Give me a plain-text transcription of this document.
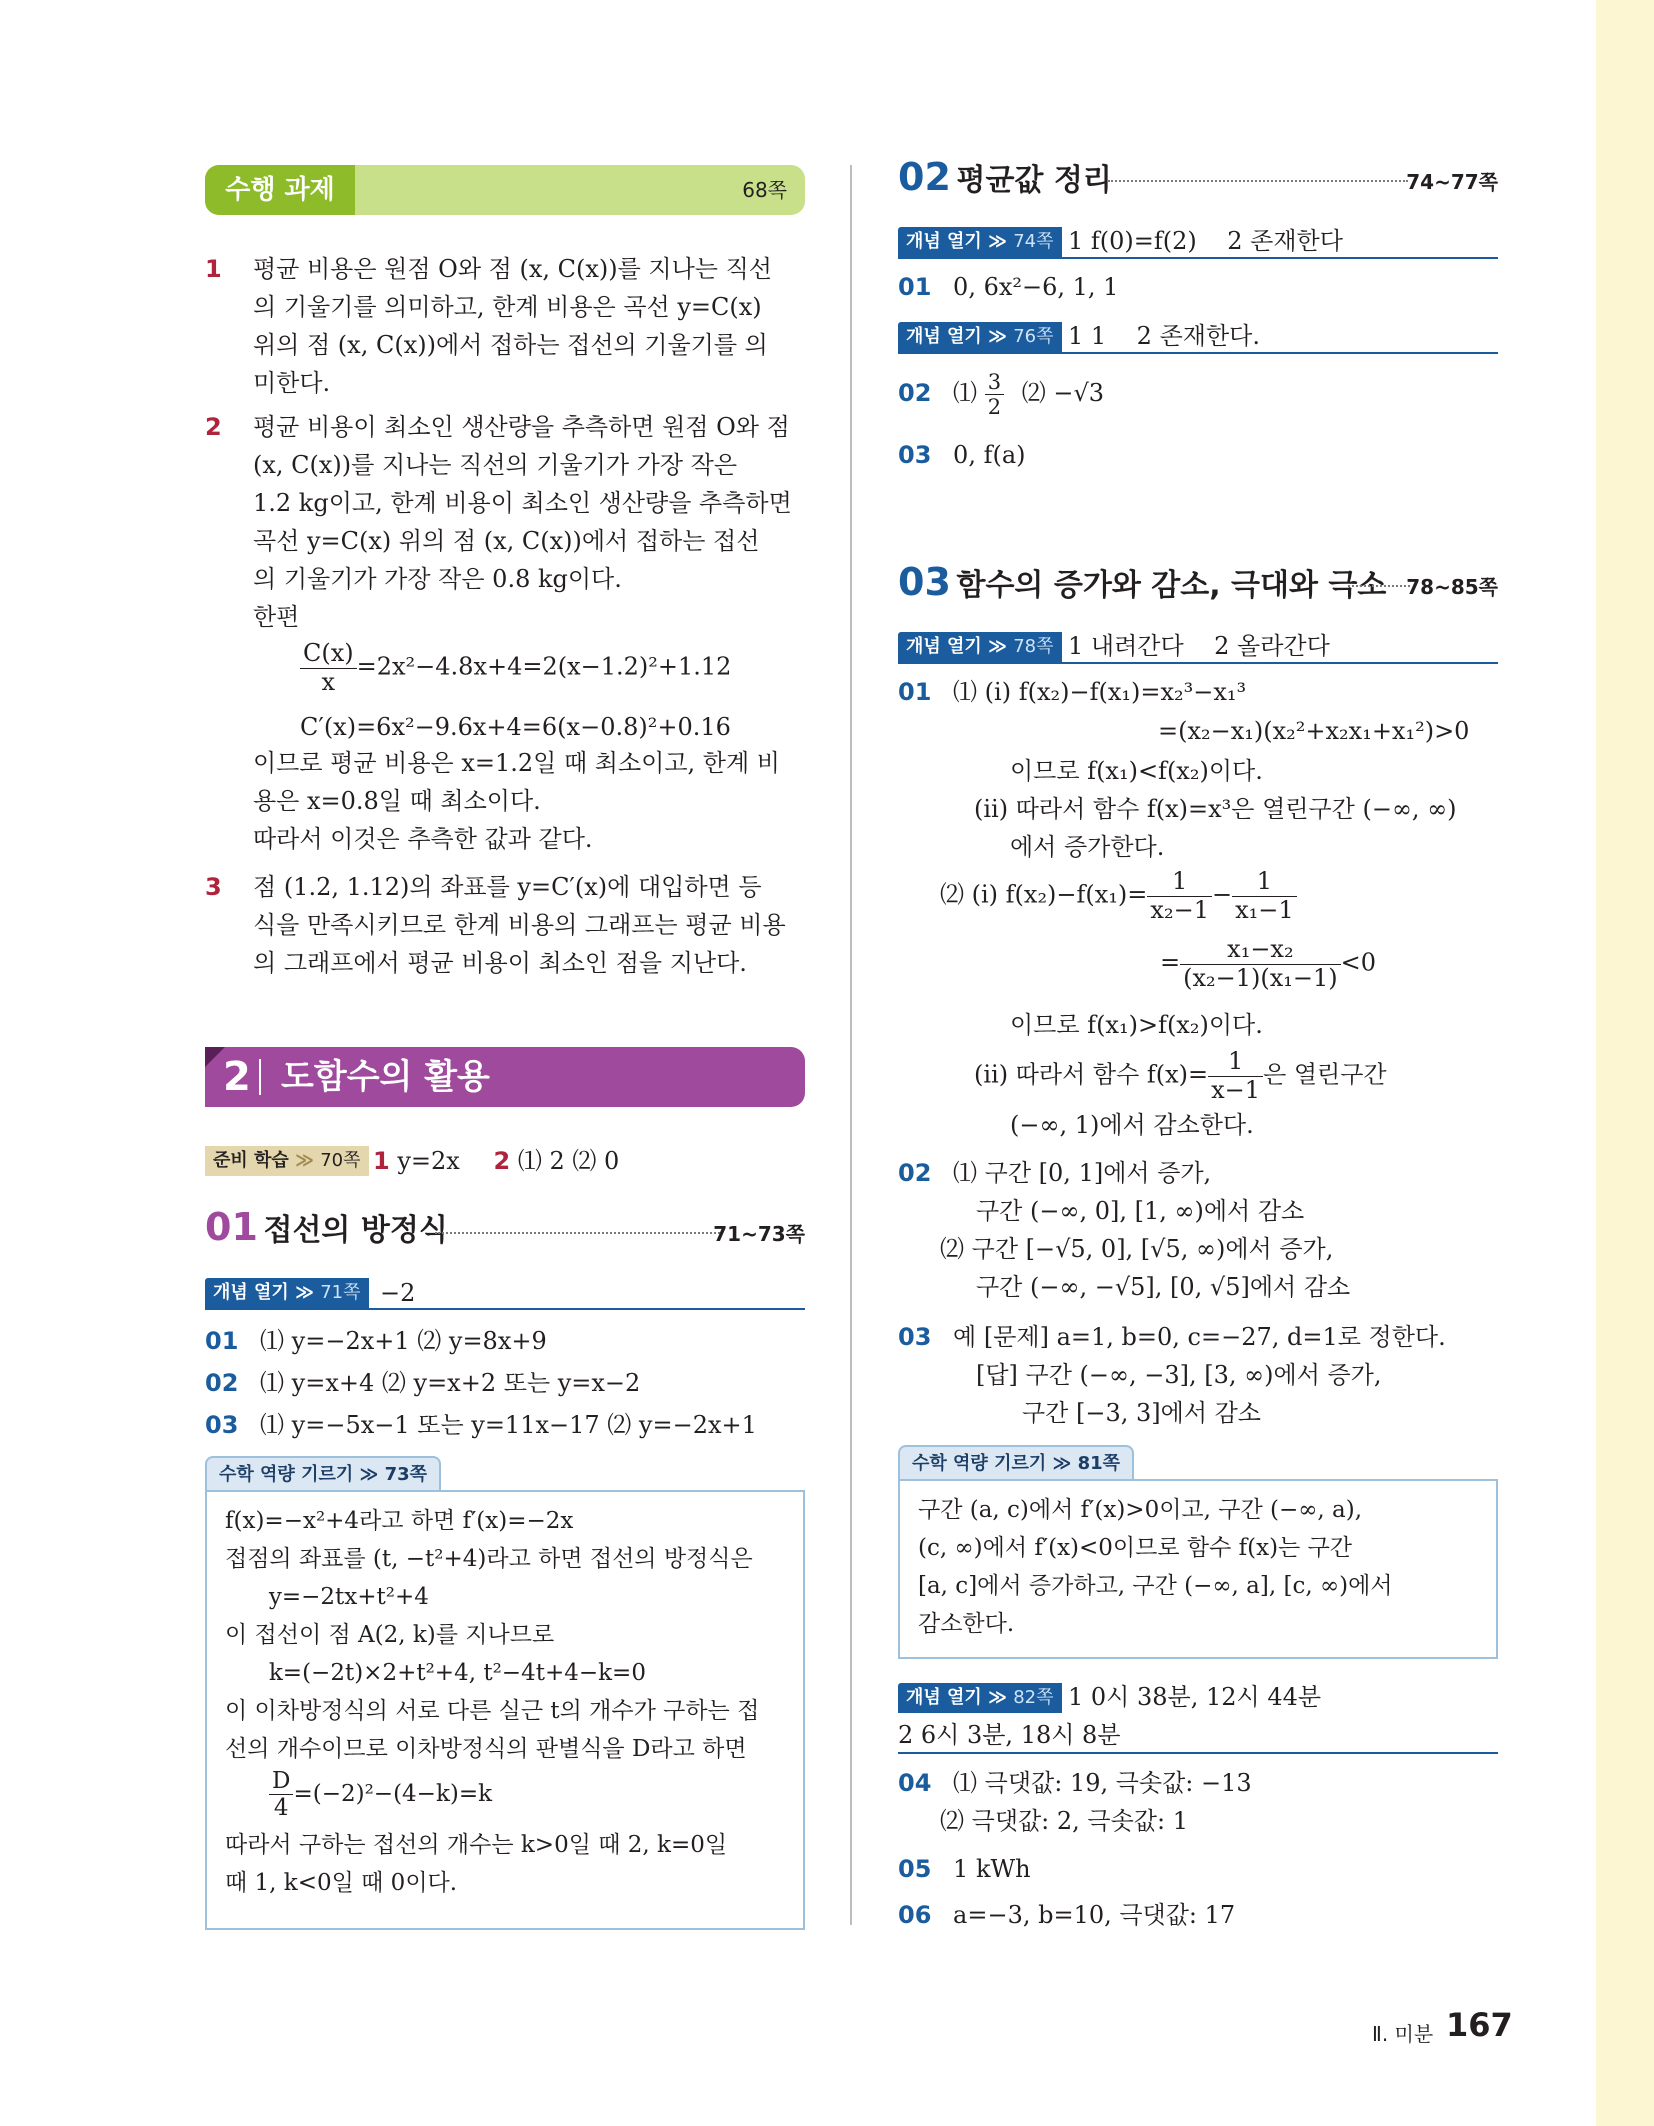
수행 과제	68쪽
1 평균 비용은 원점 O와 점 (x, C(x))를 지나는 직선
의 기울기를 의미하고, 한계 비용은 곡선 y=C(x)
위의 점 (x, C(x))에서 접하는 접선의 기울기를 의
미한다.
2 평균 비용이 최소인 생산량을 추측하면 원점 O와 점
(x, C(x))를 지나는 직선의 기울기가 가장 작은
1.2 kg이고, 한계 비용이 최소인 생산량을 추측하면
곡선 y=C(x) 위의 점 (x, C(x))에서 접하는 접선
의 기울기가 가장 작은 0.8 kg이다.
한편
$\frac{C(x)}{x} =2x^2-4.8x+4=2(x-1.2)^2+1.12$
C′(x)=6x²−9.6x+4=6(x−0.8)²+0.16
이므로 평균 비용은 x=1.2일 때 최소이고, 한계 비
용은 x=0.8일 때 최소이다.
따라서 이것은 추측한 값과 같다.
3 점 (1.2, 1.12)의 좌표를 y=C′(x)에 대입하면 등
식을 만족시키므로 한계 비용의 그래프는 평균 비용
의 그래프에서 평균 비용이 최소인 점을 지난다.
2 도함수의 활용
준비 학습 ≫ 70쪽 1 y=2x 2 ⑴ 2 ⑵ 0
01 접선의 방정식	71~73쪽
개념 열기 ≫ 71쪽 −2
01 ⑴ y=−2x+1 ⑵ y=8x+9
02 ⑴ y=x+4 ⑵ y=x+2 또는 y=x−2
03 ⑴ y=−5x−1 또는 y=11x−17 ⑵ y=−2x+1
수학 역량 기르기 ≫ 73쪽
f(x)=−x²+4라고 하면 f′(x)=−2x
접점의 좌표를 (t, −t²+4)라고 하면 접선의 방정식은
y=−2tx+t²+4
이 접선이 점 A(2, k)를 지나므로
k=(−2t)×2+t²+4, t²−4t+4−k=0
이 이차방정식의 서로 다른 실근 t의 개수가 구하는 접
선의 개수이므로 이차방정식의 판별식을 D라고 하면
$\frac{D}{4} =(-2)^2-(4-k)=k$
따라서 구하는 접선의 개수는 k>0일 때 2, k=0일
때 1, k<0일 때 0이다.
02 평균값 정리	74~77쪽
개념 열기 ≫ 74쪽 1 f(0)=f(2)    2 존재한다
01 0, 6x²−6, 1, 1
개념 열기 ≫ 76쪽 1 1    2 존재한다.
02 ⑴ $\frac{3}{2}$ ⑵ −√3
03 0, f(a)
03 함수의 증가와 감소, 극대와 극소 78~85쪽
개념 열기 ≫ 78쪽 1 내려간다    2 올라간다
01 ⑴ (ⅰ) f(x₂)−f(x₁)=x₂³−x₁³
=(x₂−x₁)(x₂²+x₂x₁+x₁²)>0
이므로 f(x₁)<f(x₂)이다.
(ⅱ) 따라서 함수 f(x)=x³은 열린구간 (−∞, ∞)
에서 증가한다.
⑵ (ⅰ) $f(x_2)-f(x_1)= \frac{1}{\text{x₂−1}} - \frac{1}{\text{x₁−1}}$
= $\frac{\text{x₁−x₂}}{\text{(x₂−1)(x₁−1)}} <0$
이므로 f(x₁)>f(x₂)이다.
(ⅱ) 따라서 함수 $f(x)= \frac{1}{x-1}$ 은 열린구간
(−∞, 1)에서 감소한다.
02 ⑴ 구간 [0, 1]에서 증가,
구간 (−∞, 0], [1, ∞)에서 감소
⑵ 구간 [−√5, 0], [√5, ∞)에서 증가,
구간 (−∞, −√5], [0, √5]에서 감소
03 예 [문제] a=1, b=0, c=−27, d=1로 정한다.
[답] 구간 (−∞, −3], [3, ∞)에서 증가,
구간 [−3, 3]에서 감소
수학 역량 기르기 ≫ 81쪽
구간 (a, c)에서 f′(x)>0이고, 구간 (−∞, a),
(c, ∞)에서 f′(x)<0이므로 함수 f(x)는 구간
[a, c]에서 증가하고, 구간 (−∞, a], [c, ∞)에서
감소한다.
개념 열기 ≫ 82쪽 1 0시 38분, 12시 44분
2 6시 3분, 18시 8분
04 ⑴ 극댓값: 19, 극솟값: −13
⑵ 극댓값: 2, 극솟값: 1
05 1 kWh
06 a=−3, b=10, 극댓값: 17
Ⅱ. 미분 167
